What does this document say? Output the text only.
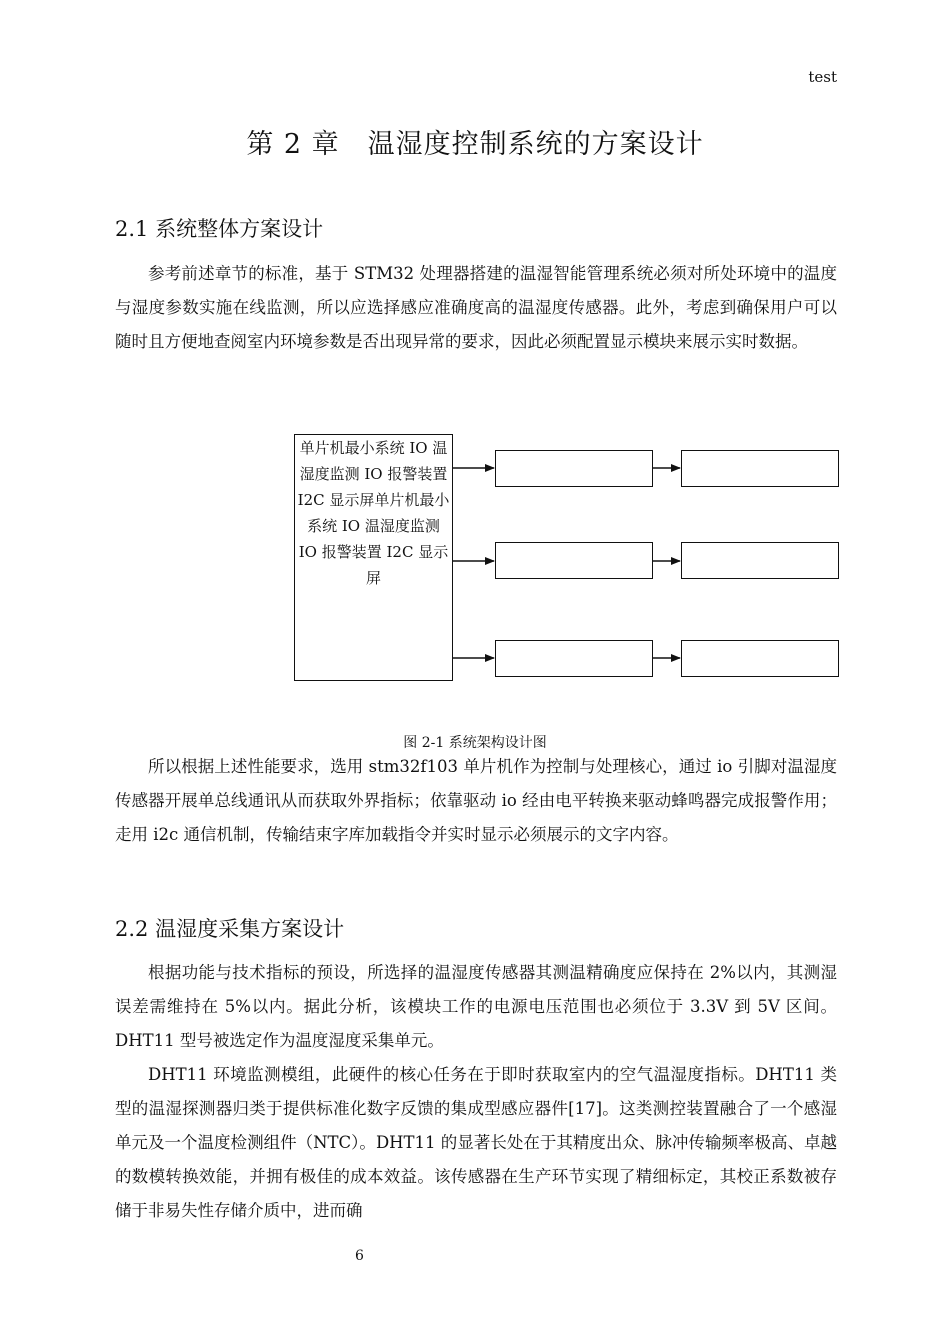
test
第 2 章　温湿度控制系统的方案设计
2.1 系统整体方案设计

参考前述章节的标准，基于 STM32 处理器搭建的温湿智能管理系统必须对所处环境中的温度与湿度参数实施在线监测，所以应选择感应准确度高的温湿度传感器。此外，考虑到确保用户可以随时且方便地查阅室内环境参数是否出现异常的要求，因此必须配置显示模块来展示实时数据。

单片机最小系统 IO 温湿度监测 IO 报警装置 I2C 显示屏单片机最小系统 IO 温湿度监测 IO 报警装置 I2C 显示屏
图 2-1 系统架构设计图

所以根据上述性能要求，选用 stm32f103 单片机作为控制与处理核心，通过 io 引脚对温湿度传感器开展单总线通讯从而获取外界指标；依靠驱动 io 经由电平转换来驱动蜂鸣器完成报警作用；走用 i2c 通信机制，传输结束字库加载指令并实时显示必须展示的文字内容。

2.2 温湿度采集方案设计

根据功能与技术指标的预设，所选择的温湿度传感器其测温精确度应保持在 2%以内，其测湿误差需维持在 5%以内。据此分析，该模块工作的电源电压范围也必须位于 3.3V 到 5V 区间。DHT11 型号被选定作为温度湿度采集单元。

DHT11 环境监测模组，此硬件的核心任务在于即时获取室内的空气温湿度指标。DHT11 类型的温湿探测器归类于提供标准化数字反馈的集成型感应器件[17]。这类测控装置融合了一个感湿单元及一个温度检测组件（NTC）。DHT11 的显著长处在于其精度出众、脉冲传输频率极高、卓越的数模转换效能，并拥有极佳的成本效益。该传感器在生产环节实现了精细标定，其校正系数被存储于非易失性存储介质中，进而确

6
